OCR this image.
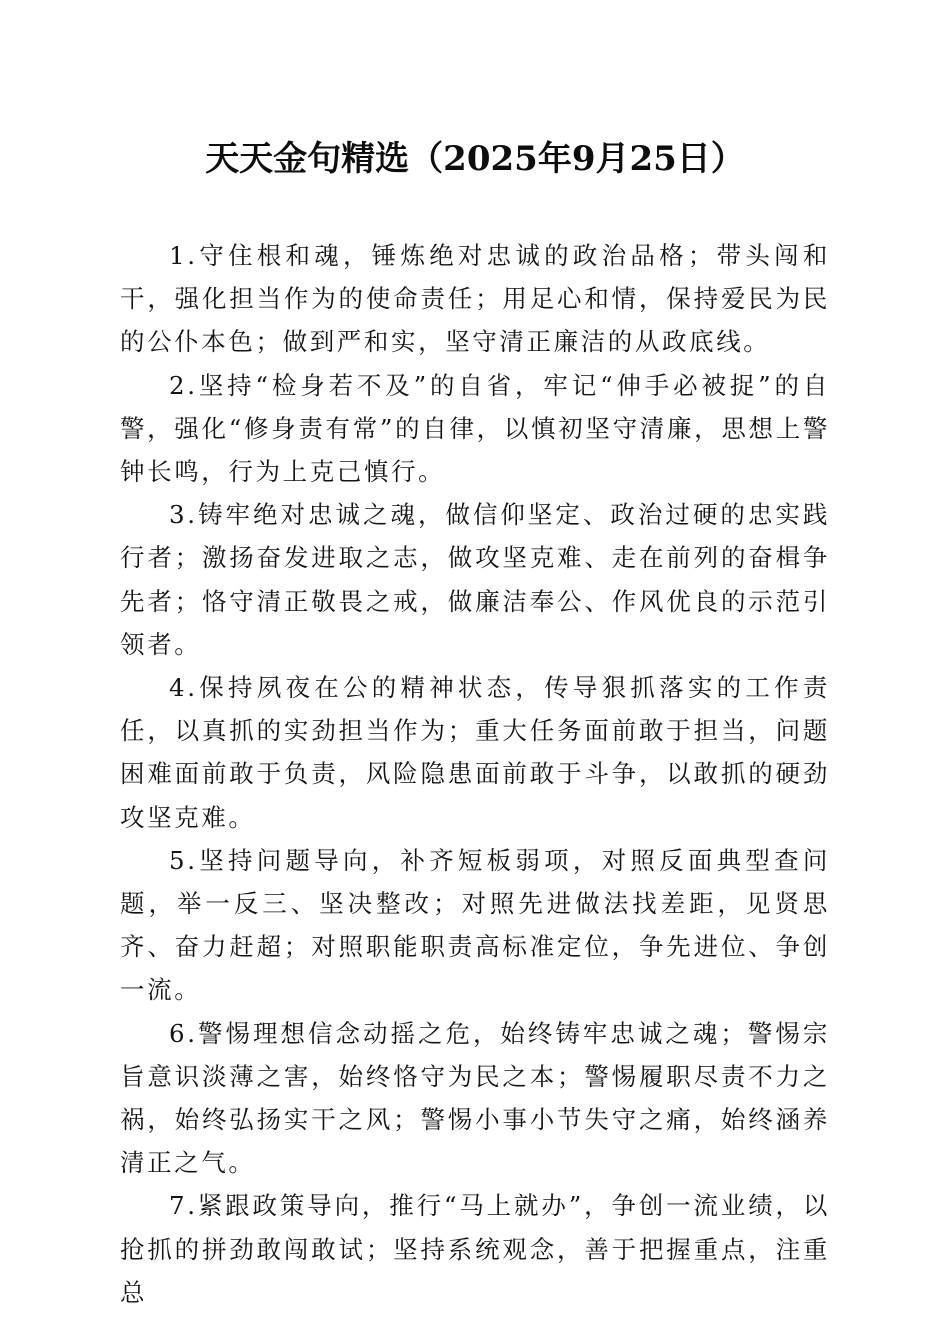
天天金句精选（2025年9月25日）

1.守住根和魂，锤炼绝对忠诚的政治品格；带头闯和干，强化担当作为的使命责任；用足心和情，保持爱民为民的公仆本色；做到严和实，坚守清正廉洁的从政底线。

2.坚持“检身若不及”的自省，牢记“伸手必被捉”的自警，强化“修身责有常”的自律，以慎初坚守清廉，思想上警钟长鸣，行为上克己慎行。

3.铸牢绝对忠诚之魂，做信仰坚定、政治过硬的忠实践行者；激扬奋发进取之志，做攻坚克难、走在前列的奋楫争先者；恪守清正敬畏之戒，做廉洁奉公、作风优良的示范引领者。

4.保持夙夜在公的精神状态，传导狠抓落实的工作责任，以真抓的实劲担当作为；重大任务面前敢于担当，问题困难面前敢于负责，风险隐患面前敢于斗争，以敢抓的硬劲攻坚克难。

5.坚持问题导向，补齐短板弱项，对照反面典型查问题，举一反三、坚决整改；对照先进做法找差距，见贤思齐、奋力赶超；对照职能职责高标准定位，争先进位、争创一流。

6.警惕理想信念动摇之危，始终铸牢忠诚之魂；警惕宗旨意识淡薄之害，始终恪守为民之本；警惕履职尽责不力之祸，始终弘扬实干之风；警惕小事小节失守之痛，始终涵养清正之气。

7.紧跟政策导向，推行“马上就办”，争创一流业绩，以抢抓的拼劲敢闯敢试；坚持系统观念，善于把握重点，注重总
